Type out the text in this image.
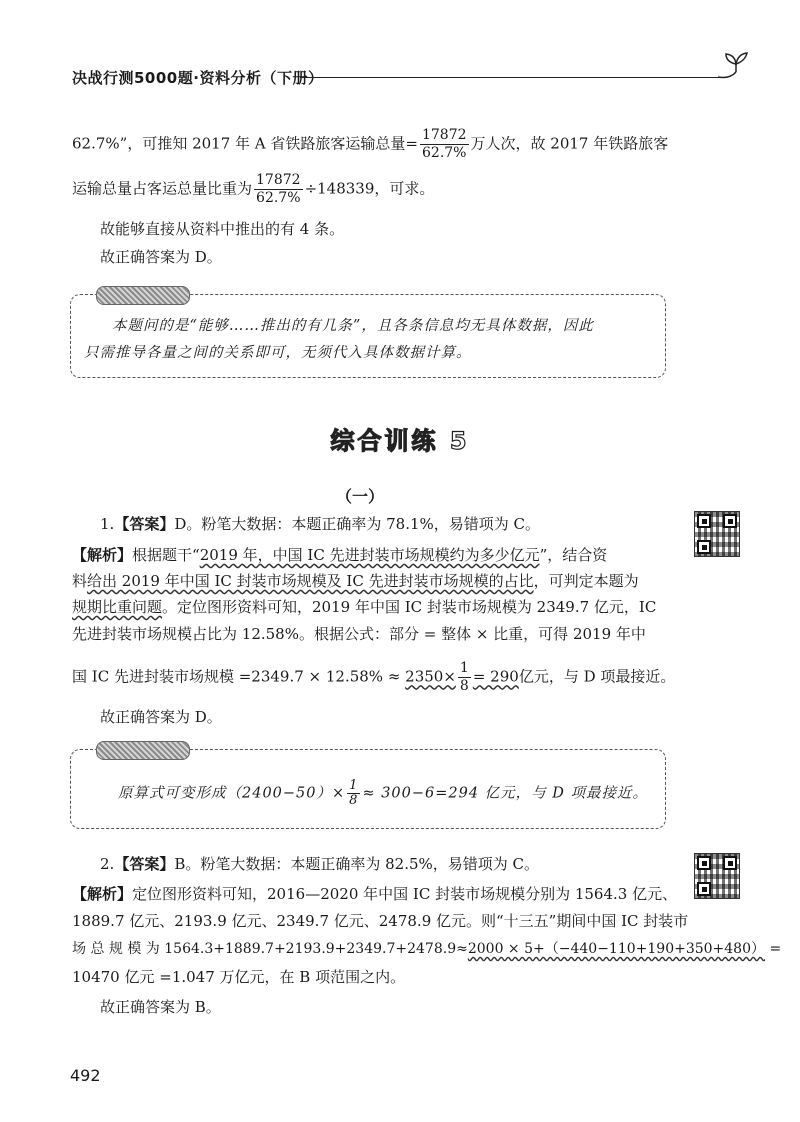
决战行测5000题·资料分析（下册）
62.7%”，可推知 2017 年 A 省铁路旅客运输总量= $\frac{17872}{62.7\%}$ 万人次，故 2017 年铁路旅客
运输总量占客运总量比重为 $\frac{17872}{62.7\%} \div 148339$，可求。
故能够直接从资料中推出的有 4 条。
故正确答案为 D。
本题问的是“能够……推出的有几条”，且各条信息均无具体数据，因此
只需推导各量之间的关系即可，无须代入具体数据计算。
综合训练 5
（一）
1.【答案】D。粉笔大数据：本题正确率为 78.1%，易错项为 C。
【解析】根据题干“2019 年，中国 IC 先进封装市场规模约为多少亿元”，结合资
料给出 2019 年中国 IC 封装市场规模及 IC 先进封装市场规模的占比，可判定本题为
规期比重问题。定位图形资料可知，2019 年中国 IC 封装市场规模为 2349.7 亿元，IC
先进封装市场规模占比为 12.58%。根据公式：部分 = 整体 × 比重，可得 2019 年中
国 IC 先进封装市场规模 $=2349.7 \times 12.58\% \approx 2350\times \frac{1}{8} = 290$亿元，与 D 项最接近。
故正确答案为 D。
原算式可变形成$(2400-50)\times \frac{1}{8} \approx 300-6=294$ 亿元，与 D 项最接近。
2.【答案】B。粉笔大数据：本题正确率为 82.5%，易错项为 C。
【解析】定位图形资料可知，2016—2020 年中国 IC 封装市场规模分别为 1564.3 亿元、
1889.7 亿元、2193.9 亿元、2349.7 亿元、2478.9 亿元。则“十三五”期间中国 IC 封装市
场 总 规 模 为 1564.3+1889.7+2193.9+2349.7+2478.9≈2000 × 5+（−440−110+190+350+480） =
10470 亿元 =1.047 万亿元，在 B 项范围之内。
故正确答案为 B。
492
